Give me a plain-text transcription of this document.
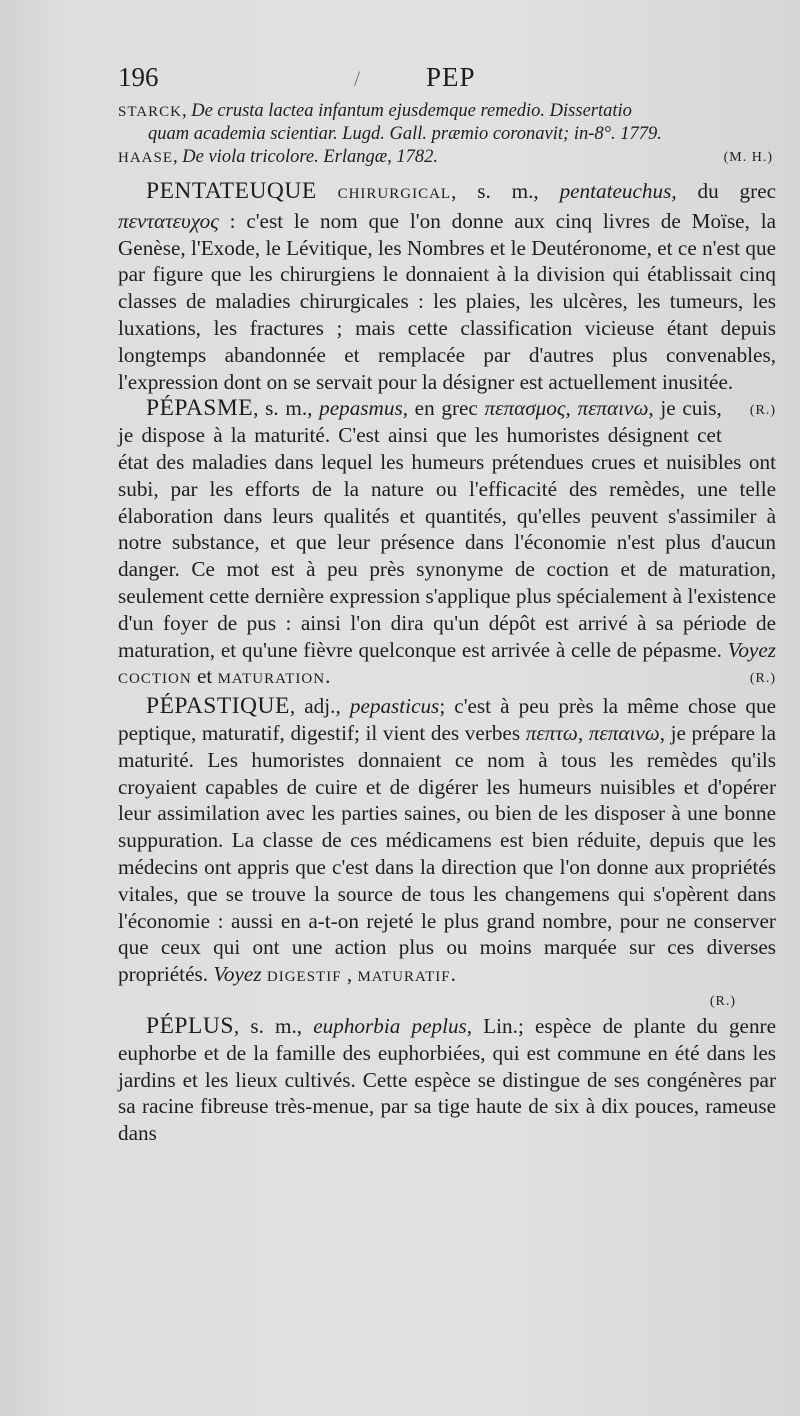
196	/ PEP
STARCK, De crusta lactea infantum ejusdemque remedio. Dissertatio
quam academia scientiar. Lugd. Gall. præmio coronavit; in-8°. 1779.
HAASE, De viola tricolore. Erlangæ, 1782.	(M. H.)

PENTATEUQUE CHIRURGICAL, s. m., pentateuchus, du grec πεντατευχος : c'est le nom que l'on donne aux cinq livres de Moïse, la Genèse, l'Exode, le Lévitique, les Nombres et le Deutéronome, et ce n'est que par figure que les chirurgiens le donnaient à la division qui établissait cinq classes de maladies chirurgicales : les plaies, les ulcères, les tumeurs, les luxations, les fractures ; mais cette classification vicieuse étant depuis longtemps abandonnée et remplacée par d'autres plus convenables, l'expression dont on se servait pour la désigner est actuellement inusitée.
(R.)

PÉPASME, s. m., pepasmus, en grec πεπασμος, πεπαινω, je cuis, je dispose à la maturité. C'est ainsi que les humoristes désignent cet état des maladies dans lequel les humeurs prétendues crues et nuisibles ont subi, par les efforts de la nature ou l'efficacité des remèdes, une telle élaboration dans leurs qualités et quantités, qu'elles peuvent s'assimiler à notre substance, et que leur présence dans l'économie n'est plus d'aucun danger. Ce mot est à peu près synonyme de coction et de maturation, seulement cette dernière expression s'applique plus spécialement à l'existence d'un foyer de pus : ainsi l'on dira qu'un dépôt est arrivé à sa période de maturation, et qu'une fièvre quelconque est arrivée à celle de pépasme. Voyez COCTION et MATURATION.	(R.)

PÉPASTIQUE, adj., pepasticus; c'est à peu près la même chose que peptique, maturatif, digestif; il vient des verbes πεπτω, πεπαινω, je prépare la maturité. Les humoristes donnaient ce nom à tous les remèdes qu'ils croyaient capables de cuire et de digérer les humeurs nuisibles et d'opérer leur assimilation avec les parties saines, ou bien de les disposer à une bonne suppuration. La classe de ces médicamens est bien réduite, depuis que les médecins ont appris que c'est dans la direction que l'on donne aux propriétés vitales, que se trouve la source de tous les changemens qui s'opèrent dans l'économie : aussi en a-t-on rejeté le plus grand nombre, pour ne conserver que ceux qui ont une action plus ou moins marquée sur ces diverses propriétés. Voyez DIGESTIF , MATURATIF.

(R.)

PÉPLUS, s. m., euphorbia peplus, Lin.; espèce de plante du genre euphorbe et de la famille des euphorbiées, qui est commune en été dans les jardins et les lieux cultivés. Cette espèce se distingue de ses congénères par sa racine fibreuse très-menue, par sa tige haute de six à dix pouces, rameuse dans
